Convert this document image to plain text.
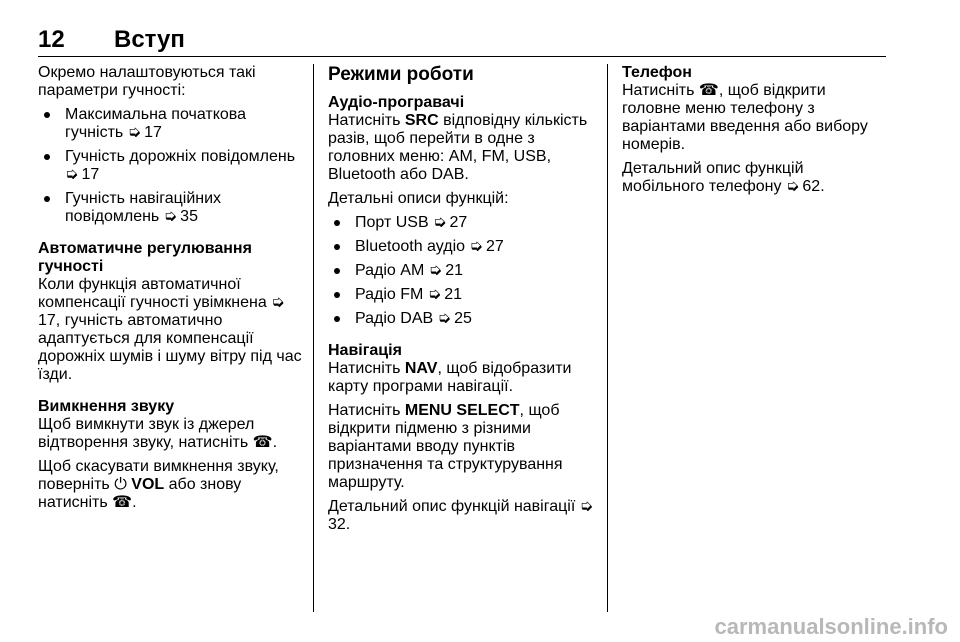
12 Вступ

Окремо налаштовуються такі параметри гучності:

Максимальна початкова гучність ➭ 17
Гучність дорожніх повідомлень ➭ 17
Гучність навігаційних повідомлень ➭ 35
Автоматичне регулювання гучності

Коли функція автоматичної компенсації гучності увімкнена ➭ 17, гучність автоматично адаптується для компенсації дорожніх шумів і шуму вітру під час їзди.

Вимкнення звуку

Щоб вимкнути звук із джерел відтворення звуку, натисніть ☎.

Щоб скасувати вимкнення звуку, поверніть ⏻ VOL або знову натисніть ☎.

Режими роботи
Аудіо-програвачі

Натисніть SRC відповідну кількість разів, щоб перейти в одне з головних меню: AM, FM, USB, Bluetooth або DAB.

Детальні описи функцій:

Порт USB ➭ 27
Bluetooth аудіо ➭ 27
Радіо AM ➭ 21
Радіо FM ➭ 21
Радіо DAB ➭ 25
Навігація

Натисніть NAV, щоб відобразити карту програми навігації.

Натисніть MENU SELECT, щоб відкрити підменю з різними варіантами вводу пунктів призначення та структурування маршруту.

Детальний опис функцій навігації ➭ 32.

Телефон

Натисніть ☎, щоб відкрити головне меню телефону з варіантами введення або вибору номерів.

Детальний опис функцій мобільного телефону ➭ 62.

carmanualsonline.info
